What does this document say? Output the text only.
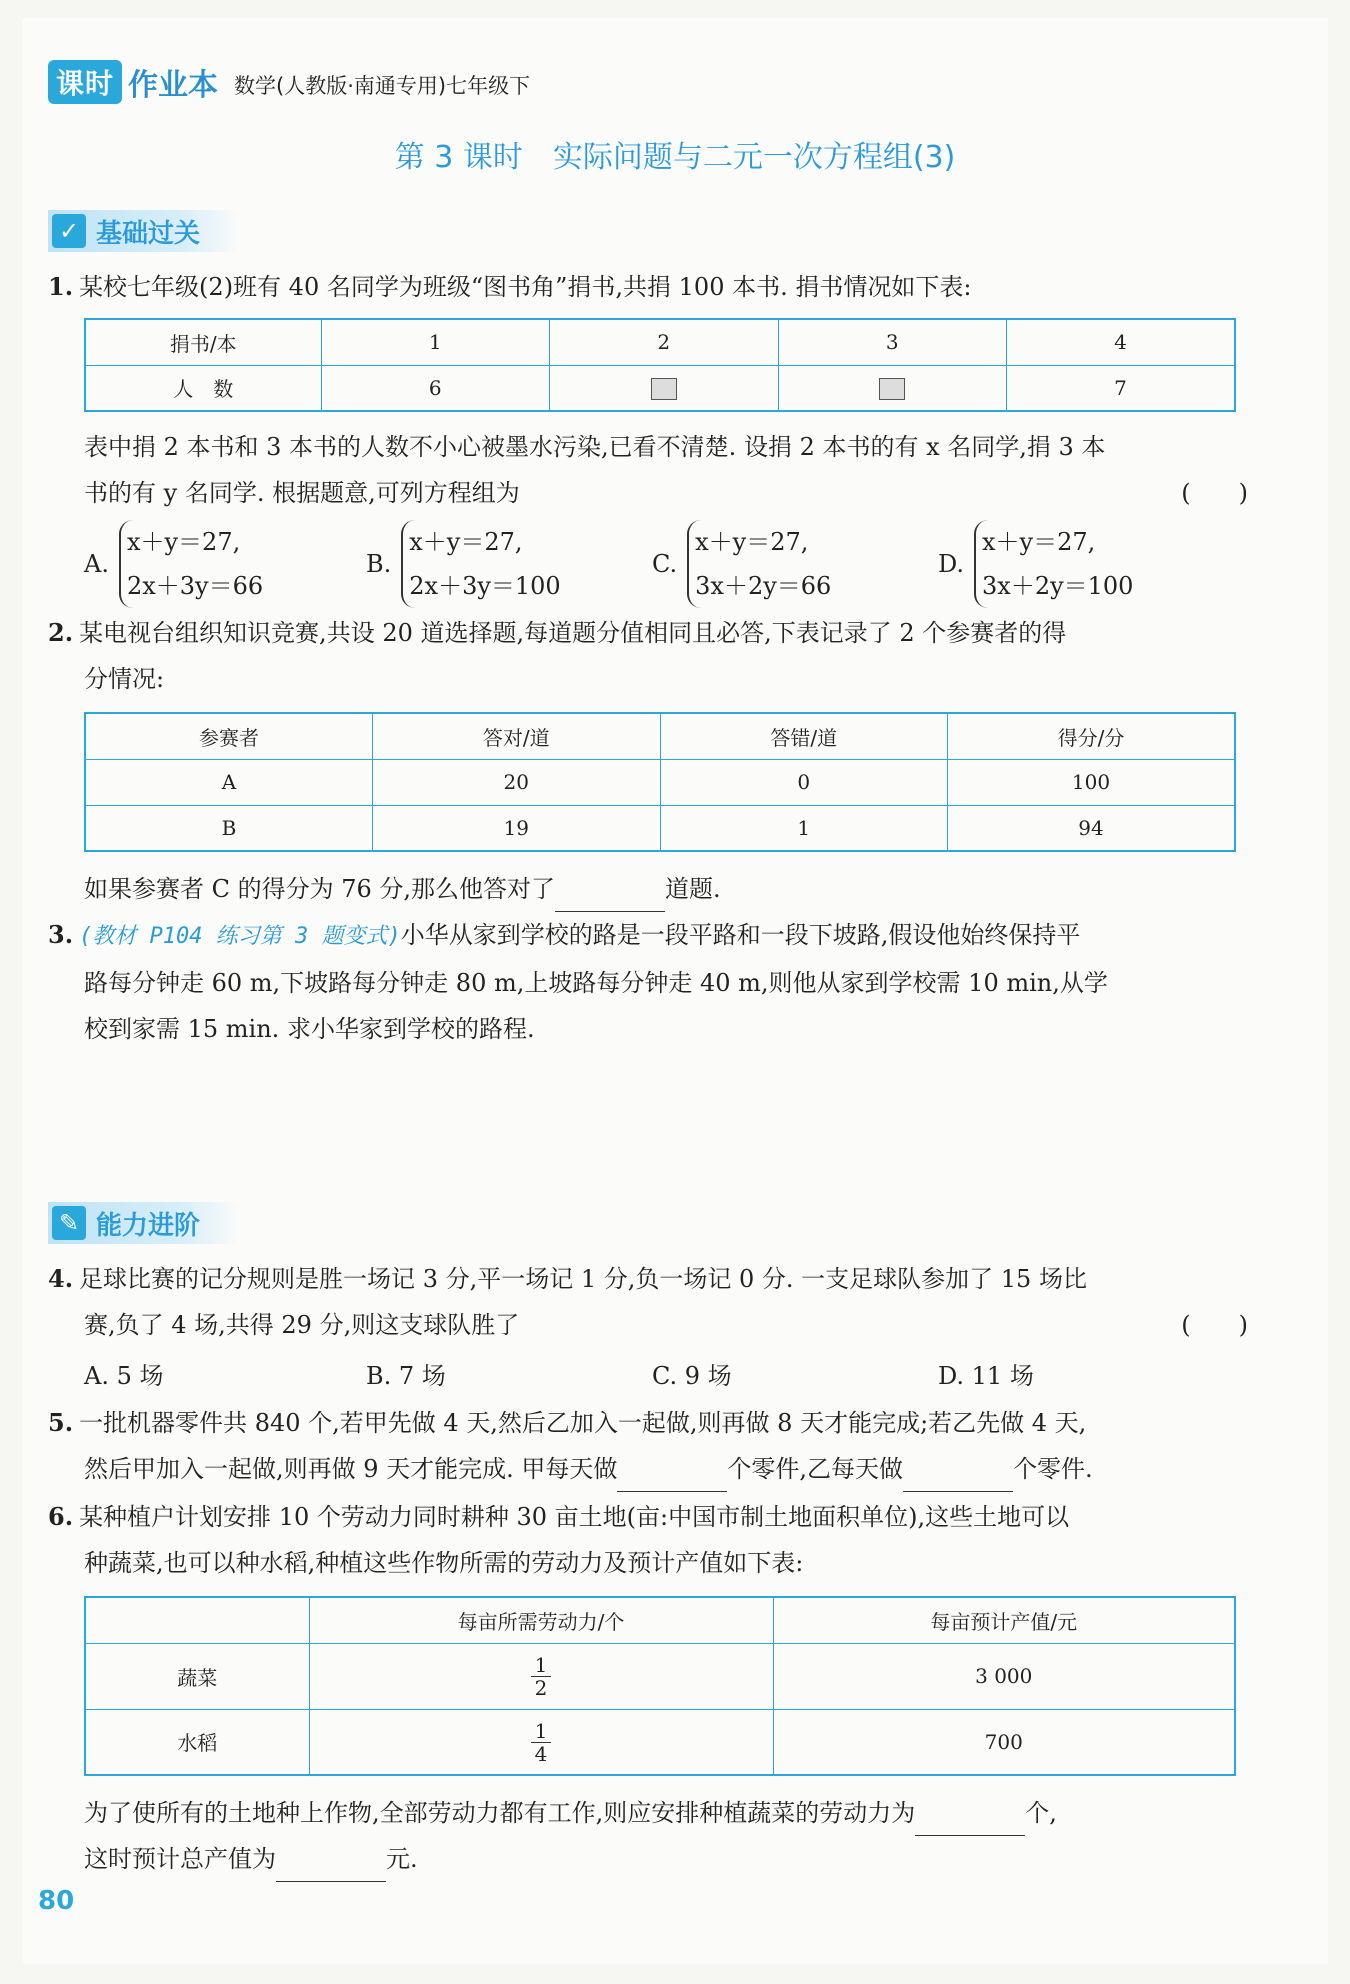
课时 作业本 数学(人教版·南通专用)七年级下
第 3 课时　实际问题与二元一次方程组(3)
✓ 基础过关
1. 某校七年级(2)班有 40 名同学为班级“图书角”捐书,共捐 100 本书. 捐书情况如下表:
捐书/本	1	2	3	4
人　数	6			7
表中捐 2 本书和 3 本书的人数不小心被墨水污染,已看不清楚. 设捐 2 本书的有 x 名同学,捐 3 本
书的有 y 名同学. 根据题意,可列方程组为	(　　)
A.
x＋y＝27,
2x＋3y＝66
B.
x＋y＝27,
2x＋3y＝100
C.
x＋y＝27,
3x＋2y＝66
D.
x＋y＝27,
3x＋2y＝100
2. 某电视台组织知识竞赛,共设 20 道选择题,每道题分值相同且必答,下表记录了 2 个参赛者的得
分情况:
参赛者	答对/道	答错/道	得分/分
A	20	0	100
B	19	1	94
如果参赛者 C 的得分为 76 分,那么他答对了	道题.
3. (教材 P104 练习第 3 题变式)小华从家到学校的路是一段平路和一段下坡路,假设他始终保持平
路每分钟走 60 m,下坡路每分钟走 80 m,上坡路每分钟走 40 m,则他从家到学校需 10 min,从学
校到家需 15 min. 求小华家到学校的路程.
✎ 能力进阶
4. 足球比赛的记分规则是胜一场记 3 分,平一场记 1 分,负一场记 0 分. 一支足球队参加了 15 场比
赛,负了 4 场,共得 29 分,则这支球队胜了	(　　)
A. 5 场	B. 7 场	C. 9 场	D. 11 场
5. 一批机器零件共 840 个,若甲先做 4 天,然后乙加入一起做,则再做 8 天才能完成;若乙先做 4 天,
然后甲加入一起做,则再做 9 天才能完成. 甲每天做	个零件,乙每天做	个零件.
6. 某种植户计划安排 10 个劳动力同时耕种 30 亩土地(亩:中国市制土地面积单位),这些土地可以
种蔬菜,也可以种水稻,种植这些作物所需的劳动力及预计产值如下表:
	每亩所需劳动力/个	每亩预计产值/元
蔬菜	$\frac{1}{2}$	3 000
水稻	$\frac{1}{4}$	700
为了使所有的土地种上作物,全部劳动力都有工作,则应安排种植蔬菜的劳动力为	个,
这时预计总产值为	元.
80
